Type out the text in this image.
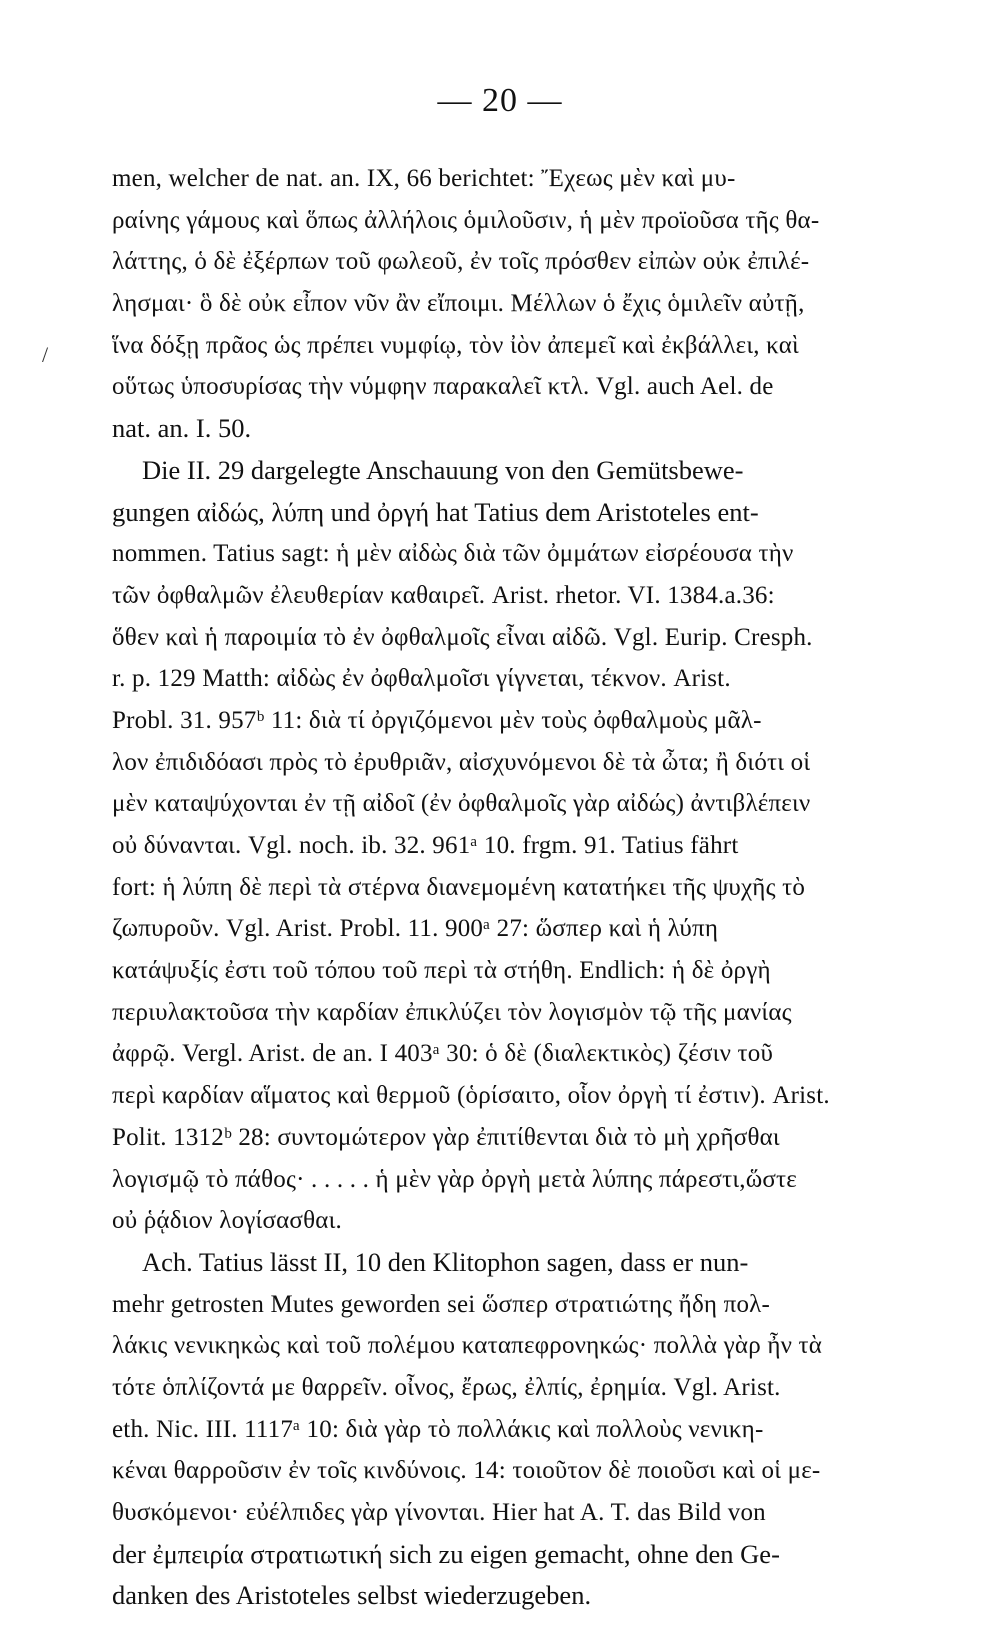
— 20 —
/
men, welcher de nat. an. IX, 66 berichtet: Ἔχεως μὲν καὶ μυ-
ραίνης γάμους καὶ ὅπως ἀλλήλοις ὁμιλοῦσιν, ἡ μὲν προϊοῦσα τῆς θα-
λάττης, ὁ δὲ ἐξέρπων τοῦ φωλεοῦ, ἐν τοῖς πρόσθεν εἰπὼν οὐκ ἐπιλέ-
λησμαι· ὃ δὲ οὐκ εἶπον νῦν ἂν εἴποιμι. Μέλλων ὁ ἔχις ὁμιλεῖν αὐτῇ,
ἵνα δόξῃ πρᾶος ὡς πρέπει νυμφίῳ, τὸν ἰὸν ἀπεμεῖ καὶ ἐκβάλλει, καὶ
οὕτως ὑποσυρίσας τὴν νύμφην παρακαλεῖ κτλ. Vgl. auch Ael. de
nat. an. I. 50.
Die II. 29 dargelegte Anschauung von den Gemütsbewe-
gungen αἰδώς, λύπη und ὀργή hat Tatius dem Aristoteles ent-
nommen. Tatius sagt: ἡ μὲν αἰδὼς διὰ τῶν ὀμμάτων εἰσρέουσα τὴν
τῶν ὀφθαλμῶν ἐλευθερίαν καθαιρεῖ. Arist. rhetor. VI. 1384.a.36:
ὅθεν καὶ ἡ παροιμία τὸ ἐν ὀφθαλμοῖς εἶναι αἰδῶ. Vgl. Eurip. Cresph.
r. p. 129 Matth: αἰδὼς ἐν ὀφθαλμοῖσι γίγνεται, τέκνον. Arist.
Probl. 31. 957ᵇ 11: διὰ τί ὀργιζόμενοι μὲν τοὺς ὀφθαλμοὺς μᾶλ-
λον ἐπιδιδόασι πρὸς τὸ ἐρυθριᾶν, αἰσχυνόμενοι δὲ τὰ ὦτα; ἢ διότι οἱ
μὲν καταψύχονται ἐν τῇ αἰδοῖ (ἐν ὀφθαλμοῖς γὰρ αἰδώς) ἀντιβλέπειν
οὐ δύνανται. Vgl. noch. ib. 32. 961ᵃ 10. frgm. 91. Tatius fährt
fort: ἡ λύπη δὲ περὶ τὰ στέρνα διανεμομένη κατατήκει τῆς ψυχῆς τὸ
ζωπυροῦν. Vgl. Arist. Probl. 11. 900ᵃ 27: ὥσπερ καὶ ἡ λύπη
κατάψυξίς ἐστι τοῦ τόπου τοῦ περὶ τὰ στήθη. Endlich: ἡ δὲ ὀργὴ
περιυλακτοῦσα τὴν καρδίαν ἐπικλύζει τὸν λογισμὸν τῷ τῆς μανίας
ἀφρῷ. Vergl. Arist. de an. I 403ᵃ 30: ὁ δὲ (διαλεκτικὸς) ζέσιν τοῦ
περὶ καρδίαν αἵματος καὶ θερμοῦ (ὁρίσαιτο, οἷον ὀργὴ τί ἐστιν). Arist.
Polit. 1312ᵇ 28: συντομώτερον γὰρ ἐπιτίθενται διὰ τὸ μὴ χρῆσθαι
λογισμῷ τὸ πάθος· . . . . . ἡ μὲν γὰρ ὀργὴ μετὰ λύπης πάρεστι,ὥστε
οὐ ῥᾴδιον λογίσασθαι.
Ach. Tatius lässt II, 10 den Klitophon sagen, dass er nun-
mehr getrosten Mutes geworden sei ὥσπερ στρατιώτης ἤδη πολ-
λάκις νενικηκὼς καὶ τοῦ πολέμου καταπεφρονηκώς· πολλὰ γὰρ ἦν τὰ
τότε ὁπλίζοντά με θαρρεῖν. οἶνος, ἔρως, ἐλπίς, ἐρημία. Vgl. Arist.
eth. Nic. III. 1117ᵃ 10: διὰ γὰρ τὸ πολλάκις καὶ πολλοὺς νενικη-
κέναι θαρροῦσιν ἐν τοῖς κινδύνοις. 14: τοιοῦτον δὲ ποιοῦσι καὶ οἱ με-
θυσκόμενοι· εὐέλπιδες γὰρ γίνονται. Hier hat A. T. das Bild von
der ἐμπειρία στρατιωτική sich zu eigen gemacht, ohne den Ge-
danken des Aristoteles selbst wiederzugeben.
